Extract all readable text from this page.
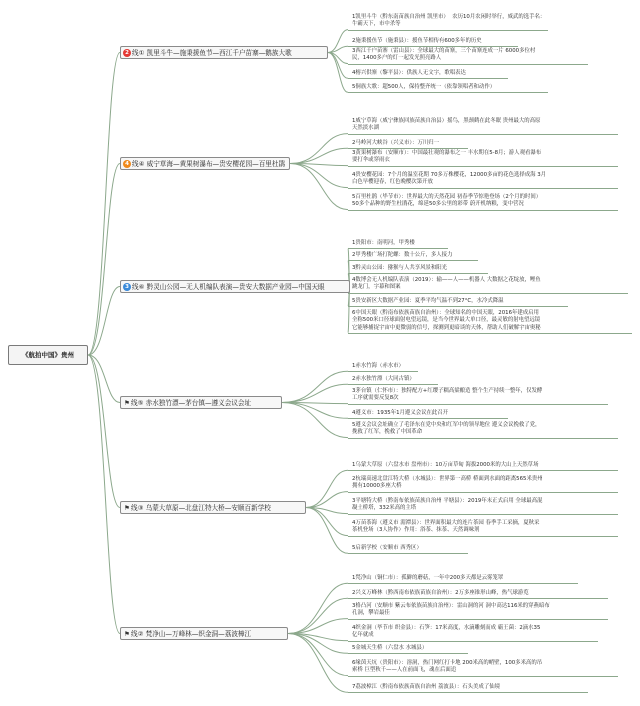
《航拍中国》贵州
2 线① 凯里斗牛—施秉援鱼节—西江千户苗寨—鹅族大歌
4 线④ 威宁草海—黄果树瀑布—贵安樱花园—百里杜鹃
3 线⑥ 黔灵山公园—无人机编队表演—贵安大数据产业园—中国天眼
⚑线⑤ 赤水独竹漂—茅台镇—遵义会议会址
⚑线③ 乌蒙大草原—北盘江特大桥—安顺百新学校
⚑线② 梵净山—万峰林—织金洞—荔波樟江
1凯里斗牛（黔东南苗族自治州 凯里市）  农历10月农闲时举行，威武的选手名：
牛霸天下，市中杀等
2施秉援鱼节（施秉县）：援鱼节相传有600多年的历史
3西江千户苗寨（雷山县）：全球最大的苗寨，三个苗寨连成一片 6000多位村
民，1400多户的灯一起发光照亮路人
4榕兴供寨（黎平县）：供族人无文字，歌唱表达
5侗族大歌：超500人，保持整齐统一（依靠领唱者和动作）
1威宁草海（威宁彝族回族苗族自治县）摇鸟，黑颈鹤在此冬眠 贵州最大的高原
天然淡水湖
2马岭河大峡谷（兴义市）：万川归一
3黄果树瀑布（安顺市）：中国最壮观的瀑布之一 丰水期在5-8月；游人观看瀑布
要打伞或穿雨衣
4贵安樱花园：7个月的温室花期 70多万株樱花，12000多亩的花色选择成海 3月
白色早樱迎春，红色晚樱次第开放
5百里杜鹃（毕节市）：世界最大的天然花园 初春季节惊艳登场（2个月的时间）
50多个品种的野生杜鹃花，绵延50多公里的彩带 蔚开机纳粮，变中营况
1贵阳市：南明河，甲秀楼
2甲秀楼广场打陀螺：数十公斤，多人接力
3黔灵山公园：猕猴与人共享风景和阳光
4数博会无人机编队表演（2019）：输——人——机器人 大数据之花绽放，鲤鱼
跳龙门，字幕和图案
5贵安新区大数据产业园：夏季平均气温不到27°C，水冷式降温
6中国天眼（黔南布依族苗族自治州）：全球知名的中国天眼，2016年建成启用
全称500米口径球面射电望远镜，是当今世界最大单口径，最灵敏的射电望远镜
它能够捕捉宇宙中更微弱的信号，探测到更暗谈的天体，帮助人们破解宇宙奥秘
1赤水竹海（赤水市）
2赤水独竹漂（大同古镇）
3茅台镇（仁怀市）：独特配方+红缨子糯高粱酿造 整个生产持续一整年，仅发酵
工序就需要反复8次
4遵义市：1935年1月遵义会议在此召开
5遵义会议会址确立了毛泽东在党中央和红军中的领导地位 遵义会议挽救了党，
挽救了红军，挽救了中国革命
1乌蒙大草原（六盘水市 盘州市）：10万亩草甸 海拔2000米的大山上天然草场
2杭瑞高速北盘江特大桥（水城县）：世界第一高桥 桥面到水面的距离565米贵州
拥有10000多座大桥
3平塘特大桥（黔南布依族苗族自治州 平塘县）：2019年末正式启用 全球最高混
凝土桥塔，332米高的主塔
4万苗茶海（遵义市 湄潭县）：世界面积最大的连片茶园 春季手工采摘，夏秋采
茶机登场（3人协作）作用：浴茶、抹茶、天然调味剂
5启新学校（安顺市 西秀区）
1梵净山（铜仁市）：孤僻的蘑菇，一年中200多天都是云雾笼罩
2兴义万峰林（黔西南布依族苗族自治州）：2万多座锥形山峰，热气球游览
3格凸河（安顺市 紫云布依族苗族自治州）：雷山洞的河 洞中高达116米的穿燕暗布
孔洞，攀岩最佳
4织金洞（毕节市 织金县）：石笋：17米高度，水滴雕刻而成 霸王菌：2滴水35
亿年就成
5金城天生桥（六盘水 水城县）
6缘茵天坑（贵阳市）：溶洞，热门网红打卡地 200米高的峭壁，100多米高的吊
索桥 巨型秋千——人在前面飞，魂在后面追
7荔波樟江（黔南布依族苗族自治州 荔波县）：石头美成了仙境
